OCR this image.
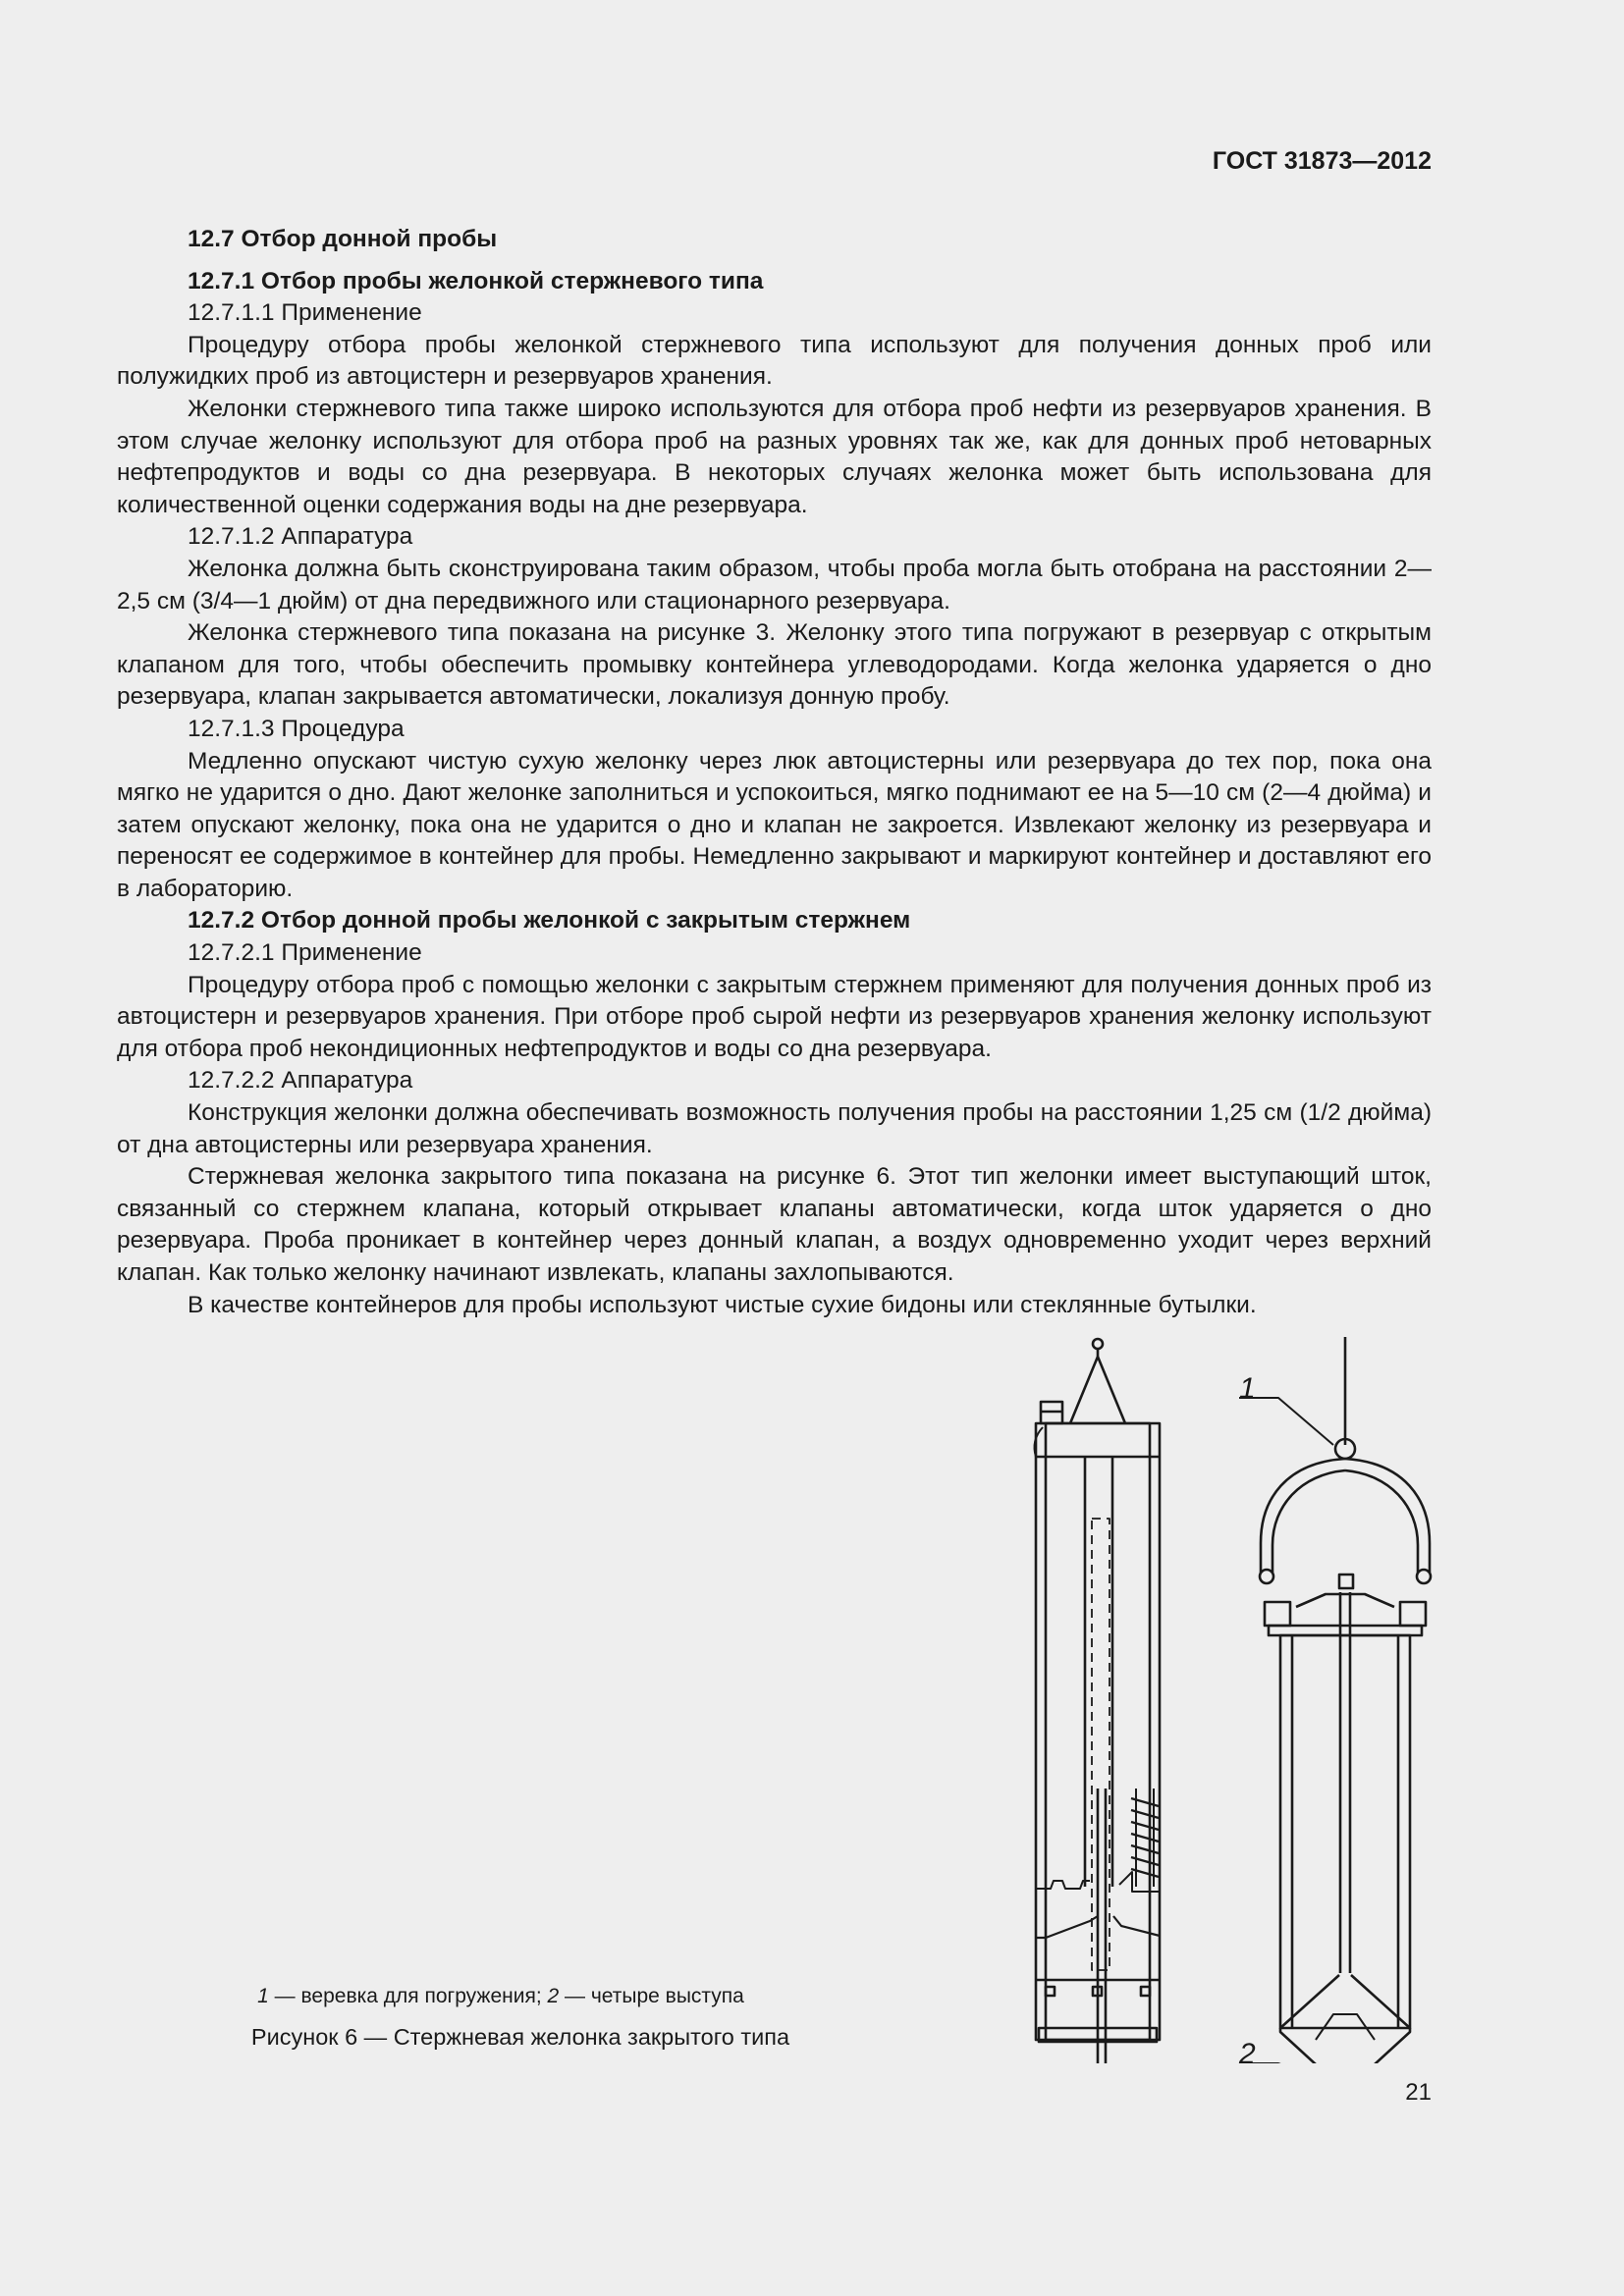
ГОСТ 31873—2012

12.7 Отбор донной пробы

12.7.1 Отбор пробы желонкой стержневого типа

12.7.1.1 Применение

Процедуру отбора пробы желонкой стержневого типа используют для получения донных проб или полужидких проб из автоцистерн и резервуаров хранения.

Желонки стержневого типа также широко используются для отбора проб нефти из резервуаров хранения. В этом случае желонку используют для отбора проб на разных уровнях так же, как для донных проб нетоварных нефтепродуктов и воды со дна резервуара. В некоторых случаях желонка может быть использована для количественной оценки содержания воды на дне резервуара.

12.7.1.2 Аппаратура

Желонка должна быть сконструирована таким образом, чтобы проба могла быть отобрана на расстоянии 2—2,5 см (3/4—1 дюйм) от дна передвижного или стационарного резервуара.

Желонка стержневого типа показана на рисунке 3. Желонку этого типа погружают в резервуар с открытым клапаном для того, чтобы обеспечить промывку контейнера углеводородами. Когда желонка ударяется о дно резервуара, клапан закрывается автоматически, локализуя донную пробу.

12.7.1.3 Процедура

Медленно опускают чистую сухую желонку через люк автоцистерны или резервуара до тех пор, пока она мягко не ударится о дно. Дают желонке заполниться и успокоиться, мягко поднимают ее на 5—10 см (2—4 дюйма) и затем опускают желонку, пока она не ударится о дно и клапан не закроется. Извлекают желонку из резервуара и переносят ее содержимое в контейнер для пробы. Немедленно закрывают и маркируют контейнер и доставляют его в лабораторию.

12.7.2 Отбор донной пробы желонкой с закрытым стержнем

12.7.2.1 Применение

Процедуру отбора проб с помощью желонки с закрытым стержнем применяют для получения донных проб из автоцистерн и резервуаров хранения. При отборе проб сырой нефти из резервуаров хранения желонку используют для отбора проб некондиционных нефтепродуктов и воды со дна резервуара.

12.7.2.2 Аппаратура

Конструкция желонки должна обеспечивать возможность получения пробы на расстоянии 1,25 см (1/2 дюйма) от дна автоцистерны или резервуара хранения.

Стержневая желонка закрытого типа показана на рисунке 6. Этот тип желонки имеет выступающий шток, связанный со стержнем клапана, который открывает клапаны автоматически, когда шток ударяется о дно резервуара. Проба проникает в контейнер через донный клапан, а воздух одновременно уходит через верхний клапан. Как только желонку начинают извлекать, клапаны захлопываются.

В качестве контейнеров для пробы используют чистые сухие бидоны или стеклянные бутылки.

1
2
1 — веревка для погружения; 2 — четыре выступа
Рисунок 6 — Стержневая желонка закрытого типа
21
